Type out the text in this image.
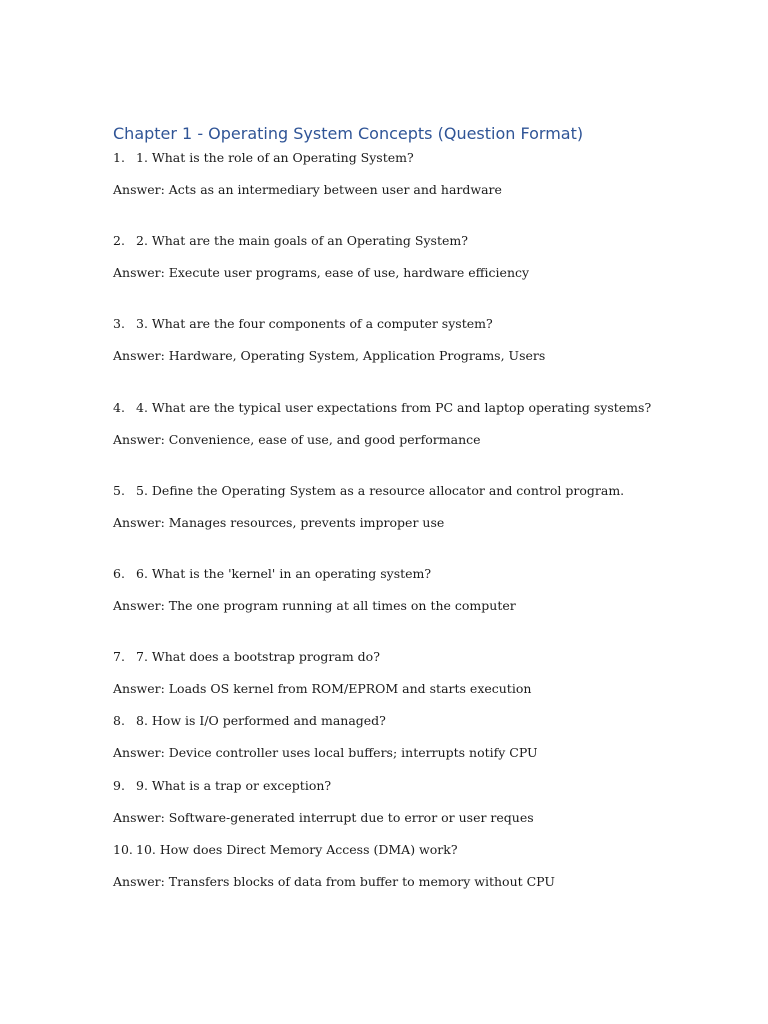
Chapter 1 - Operating System Concepts (Question Format)
1. 1. What is the role of an Operating System?
Answer: Acts as an intermediary between user and hardware
2. 2. What are the main goals of an Operating System?
Answer: Execute user programs, ease of use, hardware efficiency
3. 3. What are the four components of a computer system?
Answer: Hardware, Operating System, Application Programs, Users
4. 4. What are the typical user expectations from PC and laptop operating systems?
Answer: Convenience, ease of use, and good performance
5. 5. Define the Operating System as a resource allocator and control program.
Answer: Manages resources, prevents improper use
6. 6. What is the 'kernel' in an operating system?
Answer: The one program running at all times on the computer
7. 7. What does a bootstrap program do?
Answer: Loads OS kernel from ROM/EPROM and starts execution
8. 8. How is I/O performed and managed?
Answer: Device controller uses local buffers; interrupts notify CPU
9. 9. What is a trap or exception?
Answer: Software-generated interrupt due to error or user reques
10. 10. How does Direct Memory Access (DMA) work?
Answer: Transfers blocks of data from buffer to memory without CPU
